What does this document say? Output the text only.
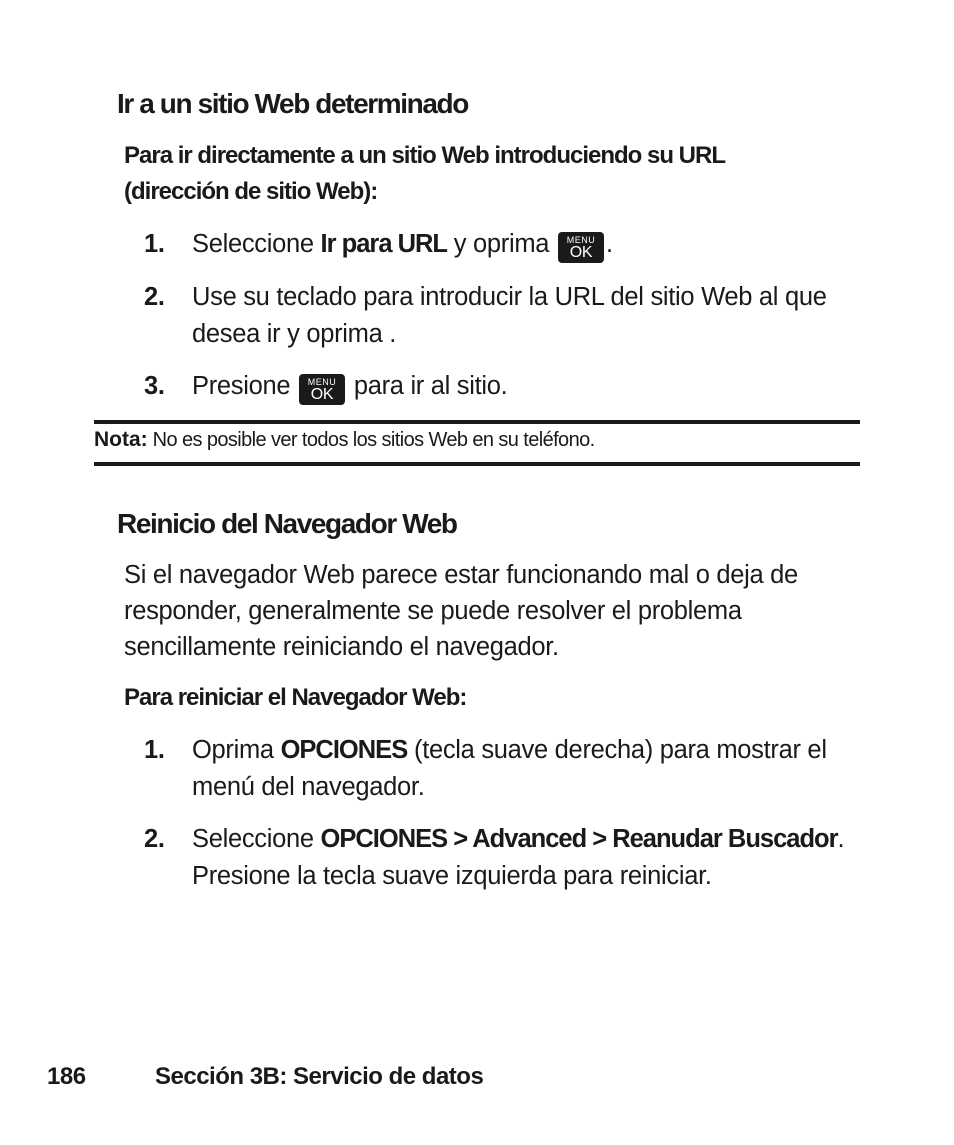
Ir a un sitio Web determinado
Para ir directamente a un sitio Web introduciendo su URL (dirección de sitio Web):
1. Seleccione Ir para URL y oprima	MENU
OK .
2. Use su teclado para introducir la URL del sitio Web al que desea ir y oprima .
3. Presione	MENU
OK para ir al sitio.
Nota: No es posible ver todos los sitios Web en su teléfono.
Reinicio del Navegador Web
Si el navegador Web parece estar funcionando mal o deja de responder, generalmente se puede resolver el problema sencillamente reiniciando el navegador.
Para reiniciar el Navegador Web:
1. Oprima OPCIONES (tecla suave derecha) para mostrar el menú del navegador.
2. Seleccione OPCIONES > Advanced > Reanudar Buscador. Presione la tecla suave izquierda para reiniciar.
186	Sección 3B: Servicio de datos
